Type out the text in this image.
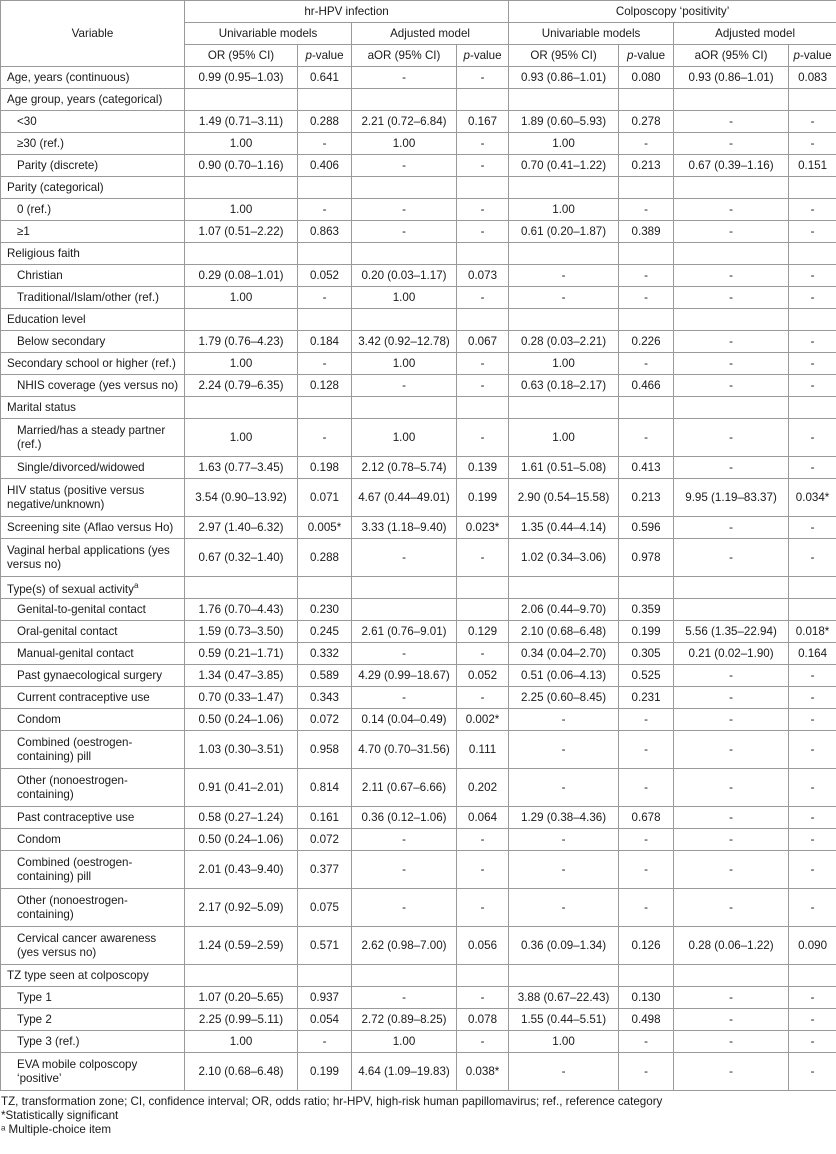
Variable	hr-HPV infection				Colposcopy ‘positivity’			
	Univariable models		Adjusted model		Univariable models		Adjusted model	
	OR (95% CI)	p-value	aOR (95% CI)	p-value	OR (95% CI)	p-value	aOR (95% CI)	p-value
Age, years (continuous)	0.99 (0.95–1.03)	0.641	-	-	0.93 (0.86–1.01)	0.080	0.93 (0.86–1.01)	0.083
Age group, years (categorical)								
<30	1.49 (0.71–3.11)	0.288	2.21 (0.72–6.84)	0.167	1.89 (0.60–5.93)	0.278	-	-
≥30 (ref.)	1.00	-	1.00	-	1.00	-	-	-
Parity (discrete)	0.90 (0.70–1.16)	0.406	-	-	0.70 (0.41–1.22)	0.213	0.67 (0.39–1.16)	0.151
Parity (categorical)								
0 (ref.)	1.00	-	-	-	1.00	-	-	-
≥1	1.07 (0.51–2.22)	0.863	-	-	0.61 (0.20–1.87)	0.389	-	-
Religious faith								
Christian	0.29 (0.08–1.01)	0.052	0.20 (0.03–1.17)	0.073	-	-	-	-
Traditional/Islam/other (ref.)	1.00	-	1.00	-	-	-	-	-
Education level								
Below secondary	1.79 (0.76–4.23)	0.184	3.42 (0.92–12.78)	0.067	0.28 (0.03–2.21)	0.226	-	-
Secondary school or higher (ref.)	1.00	-	1.00	-	1.00	-	-	-
NHIS coverage (yes versus no)	2.24 (0.79–6.35)	0.128	-	-	0.63 (0.18–2.17)	0.466	-	-
Marital status								
Married/has a steady partner (ref.)	1.00	-	1.00	-	1.00	-	-	-
Single/divorced/widowed	1.63 (0.77–3.45)	0.198	2.12 (0.78–5.74)	0.139	1.61 (0.51–5.08)	0.413	-	-
HIV status (positive versus negative/unknown)	3.54 (0.90–13.92)	0.071	4.67 (0.44–49.01)	0.199	2.90 (0.54–15.58)	0.213	9.95 (1.19–83.37)	0.034*
Screening site (Aflao versus Ho)	2.97 (1.40–6.32)	0.005*	3.33 (1.18–9.40)	0.023*	1.35 (0.44–4.14)	0.596	-	-
Vaginal herbal applications (yes versus no)	0.67 (0.32–1.40)	0.288	-	-	1.02 (0.34–3.06)	0.978	-	-
Type(s) of sexual activity$^a$								
Genital-to-genital contact	1.76 (0.70–4.43)	0.230			2.06 (0.44–9.70)	0.359		
Oral-genital contact	1.59 (0.73–3.50)	0.245	2.61 (0.76–9.01)	0.129	2.10 (0.68–6.48)	0.199	5.56 (1.35–22.94)	0.018*
Manual-genital contact	0.59 (0.21–1.71)	0.332	-	-	0.34 (0.04–2.70)	0.305	0.21 (0.02–1.90)	0.164
Past gynaecological surgery	1.34 (0.47–3.85)	0.589	4.29 (0.99–18.67)	0.052	0.51 (0.06–4.13)	0.525	-	-
Current contraceptive use	0.70 (0.33–1.47)	0.343	-	-	2.25 (0.60–8.45)	0.231	-	-
Condom	0.50 (0.24–1.06)	0.072	0.14 (0.04–0.49)	0.002*	-	-	-	-
Combined (oestrogen-containing) pill	1.03 (0.30–3.51)	0.958	4.70 (0.70–31.56)	0.111	-	-	-	-
Other (nonoestrogen-containing)	0.91 (0.41–2.01)	0.814	2.11 (0.67–6.66)	0.202	-	-	-	-
Past contraceptive use	0.58 (0.27–1.24)	0.161	0.36 (0.12–1.06)	0.064	1.29 (0.38–4.36)	0.678	-	-
Condom	0.50 (0.24–1.06)	0.072	-	-	-	-	-	-
Combined (oestrogen-containing) pill	2.01 (0.43–9.40)	0.377	-	-	-	-	-	-
Other (nonoestrogen-containing)	2.17 (0.92–5.09)	0.075	-	-	-	-	-	-
Cervical cancer awareness (yes versus no)	1.24 (0.59–2.59)	0.571	2.62 (0.98–7.00)	0.056	0.36 (0.09–1.34)	0.126	0.28 (0.06–1.22)	0.090
TZ type seen at colposcopy								
Type 1	1.07 (0.20–5.65)	0.937	-	-	3.88 (0.67–22.43)	0.130	-	-
Type 2	2.25 (0.99–5.11)	0.054	2.72 (0.89–8.25)	0.078	1.55 (0.44–5.51)	0.498	-	-
Type 3 (ref.)	1.00	-	1.00	-	1.00	-	-	-
EVA mobile colposcopy ‘positive’	2.10 (0.68–6.48)	0.199	4.64 (1.09–19.83)	0.038*	-	-	-	-
TZ, transformation zone; CI, confidence interval; OR, odds ratio; hr-HPV, high-risk human papillomavirus; ref., reference category
*Statistically significant
ᵃ Multiple-choice item
